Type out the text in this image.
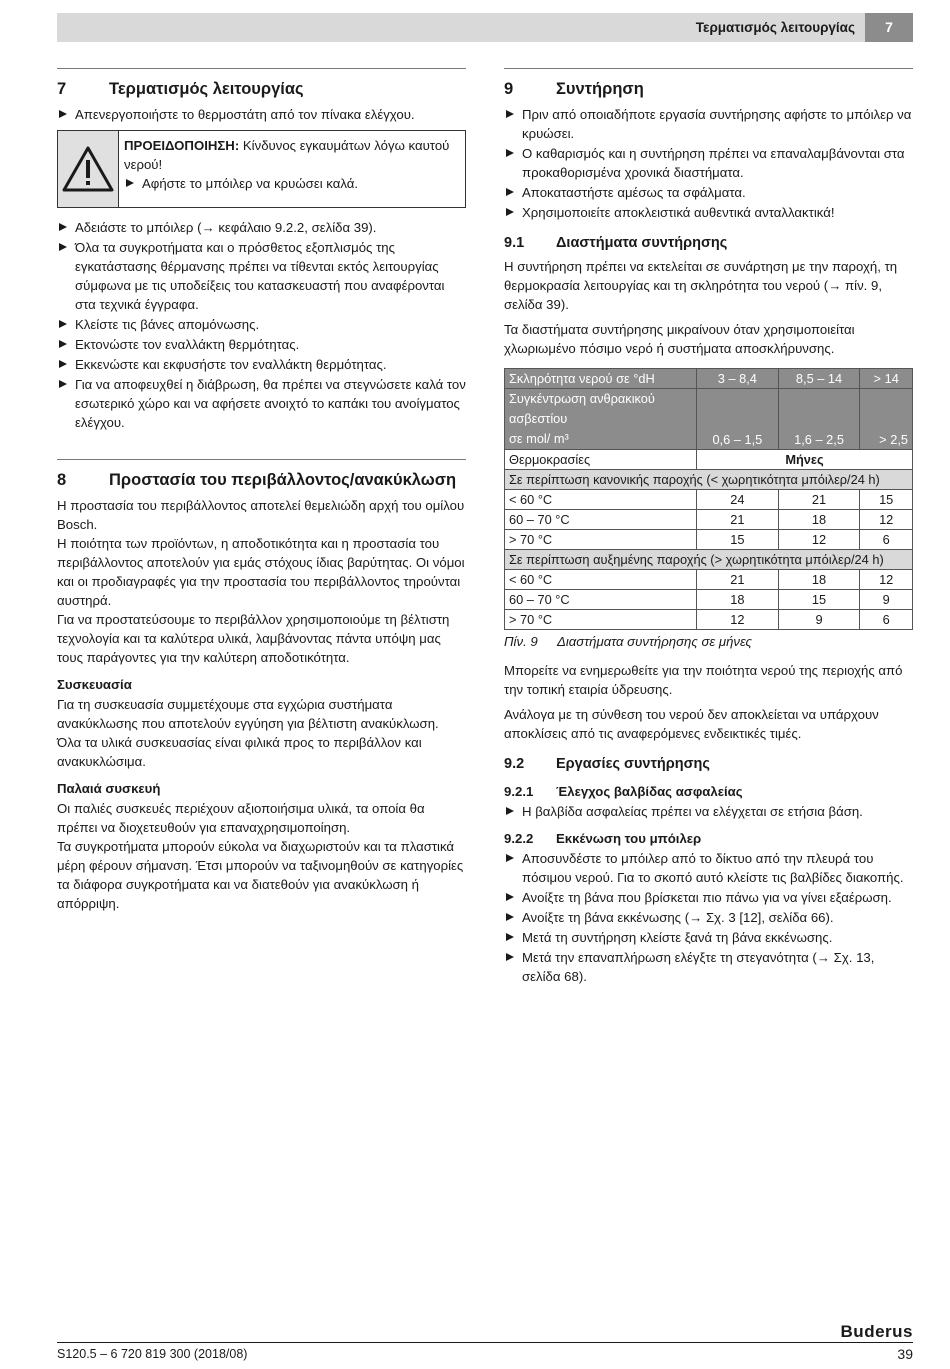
Τερματισμός λειτουργίας	7
7	Τερματισμός λειτουργίας
Απενεργοποιήστε το θερμοστάτη από τον πίνακα ελέγχου.
ΠΡΟΕΙΔΟΠΟΙΗΣΗ: Κίνδυνος εγκαυμάτων λόγω καυτού νερού!
Αφήστε το μπόιλερ να κρυώσει καλά.
Αδειάστε το μπόιλερ (→ κεφάλαιο 9.2.2, σελίδα 39).
Όλα τα συγκροτήματα και ο πρόσθετος εξοπλισμός της εγκατάστασης θέρμανσης πρέπει να τίθενται εκτός λειτουργίας σύμφωνα με τις υποδείξεις του κατασκευαστή που αναφέρονται στα τεχνικά έγγραφα.
Κλείστε τις βάνες απομόνωσης.
Εκτονώστε τον εναλλάκτη θερμότητας.
Εκκενώστε και εκφυσήστε τον εναλλάκτη θερμότητας.
Για να αποφευχθεί η διάβρωση, θα πρέπει να στεγνώσετε καλά τον εσωτερικό χώρο και να αφήσετε ανοιχτό το καπάκι του ανοίγματος ελέγχου.
8	Προστασία του περιβάλλοντος/ανακύκλωση

Η προστασία του περιβάλλοντος αποτελεί θεμελιώδη αρχή του ομίλου Bosch.

Η ποιότητα των προϊόντων, η αποδοτικότητα και η προστασία του περιβάλλοντος αποτελούν για εμάς στόχους ίδιας βαρύτητας. Οι νόμοι και οι προδιαγραφές για την προστασία του περιβάλλοντος τηρούνται αυστηρά.

Για να προστατεύσουμε το περιβάλλον χρησιμοποιούμε τη βέλτιστη τεχνολογία και τα καλύτερα υλικά, λαμβάνοντας πάντα υπόψη μας τους παράγοντες για την καλύτερη αποδοτικότητα.

Συσκευασία

Για τη συσκευασία συμμετέχουμε στα εγχώρια συστήματα ανακύκλωσης που αποτελούν εγγύηση για βέλτιστη ανακύκλωση. Όλα τα υλικά συσκευασίας είναι φιλικά προς το περιβάλλον και ανακυκλώσιμα.

Παλαιά συσκευή

Οι παλιές συσκευές περιέχουν αξιοποιήσιμα υλικά, τα οποία θα πρέπει να διοχετευθούν για επαναχρησιμοποίηση.

Τα συγκροτήματα μπορούν εύκολα να διαχωριστούν και τα πλαστικά μέρη φέρουν σήμανση. Έτσι μπορούν να ταξινομηθούν σε κατηγορίες τα διάφορα συγκροτήματα και να διατεθούν για ανακύκλωση ή απόρριψη.

9	Συντήρηση
Πριν από οποιαδήποτε εργασία συντήρησης αφήστε το μπόιλερ να κρυώσει.
Ο καθαρισμός και η συντήρηση πρέπει να επαναλαμβάνονται στα προκαθορισμένα χρονικά διαστήματα.
Αποκαταστήστε αμέσως τα σφάλματα.
Χρησιμοποιείτε αποκλειστικά αυθεντικά ανταλλακτικά!
9.1	Διαστήματα συντήρησης

Η συντήρηση πρέπει να εκτελείται σε συνάρτηση με την παροχή, τη θερμοκρασία λειτουργίας και τη σκληρότητα του νερού (→ πίν. 9, σελίδα 39).

Τα διαστήματα συντήρησης μικραίνουν όταν χρησιμοποιείται χλωριωμένο πόσιμο νερό ή συστήματα αποσκλήρυνσης.

Σκληρότητα νερού σε °dH	3 – 8,4	8,5 – 14	> 14

Συγκέντρωση ανθρακικού ασβεστίου
σε mol/ m³	0,6 – 1,5	1,6 – 2,5	> 2,5
Θερμοκρασίες	Μήνες		
Σε περίπτωση κανονικής παροχής (< χωρητικότητα μπόιλερ/24 h)			
< 60 °C	24	21	15
60 – 70 °C	21	18	12
> 70 °C	15	12	6
Σε περίπτωση αυξημένης παροχής (> χωρητικότητα μπόιλερ/24 h)			
< 60 °C	21	18	12
60 – 70 °C	18	15	9
> 70 °C	12	9	6
Πίν. 9	Διαστήματα συντήρησης σε μήνες

Μπορείτε να ενημερωθείτε για την ποιότητα νερού της περιοχής από την τοπική εταιρία ύδρευσης.

Ανάλογα με τη σύνθεση του νερού δεν αποκλείεται να υπάρχουν αποκλίσεις από τις αναφερόμενες ενδεικτικές τιμές.

9.2	Εργασίες συντήρησης
9.2.1	Έλεγχος βαλβίδας ασφαλείας
Η βαλβίδα ασφαλείας πρέπει να ελέγχεται σε ετήσια βάση.
9.2.2	Εκκένωση του μπόιλερ
Αποσυνδέστε το μπόιλερ από το δίκτυο από την πλευρά του πόσιμου νερού. Για το σκοπό αυτό κλείστε τις βαλβίδες διακοπής.
Ανοίξτε τη βάνα που βρίσκεται πιο πάνω για να γίνει εξαέρωση.
Ανοίξτε τη βάνα εκκένωσης (→ Σχ. 3 [12], σελίδα 66).
Μετά τη συντήρηση κλείστε ξανά τη βάνα εκκένωσης.
Μετά την επαναπλήρωση ελέγξτε τη στεγανότητα (→ Σχ. 13, σελίδα 68).
Buderus
S120.5 – 6 720 819 300 (2018/08)	39
